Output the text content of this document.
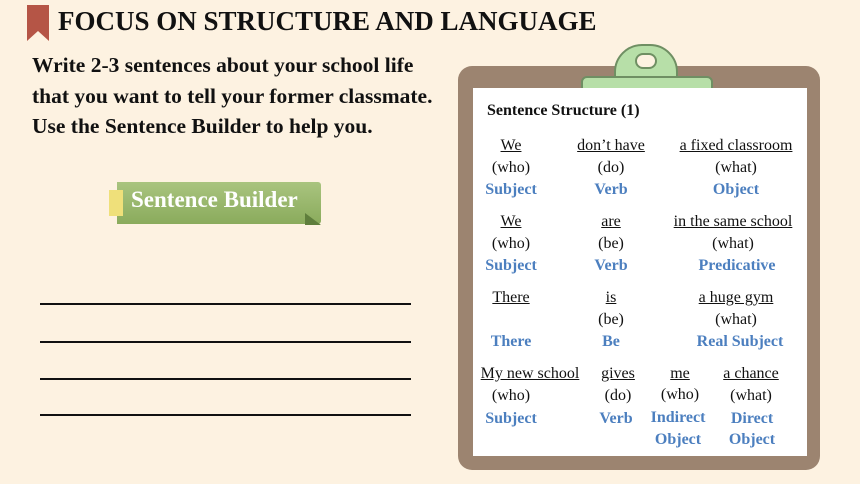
FOCUS ON STRUCTURE AND LANGUAGE

Write 2-3 sentences about your school life that you want to tell your former classmate. Use the Sentence Builder to help you.

Sentence Builder
Sentence Structure (1)
We
(who)
Subject
don’t have
(do)
Verb
a fixed classroom
(what)
Object
We
(who)
Subject
are
(be)
Verb
in the same school
(what)
Predicative
There
There
is
(be)
Be
a huge gym
(what)
Real Subject
My new school
(who)
Subject
gives
(do)
Verb
me
(who)
Indirect
Object
a chance
(what)
Direct
Object
